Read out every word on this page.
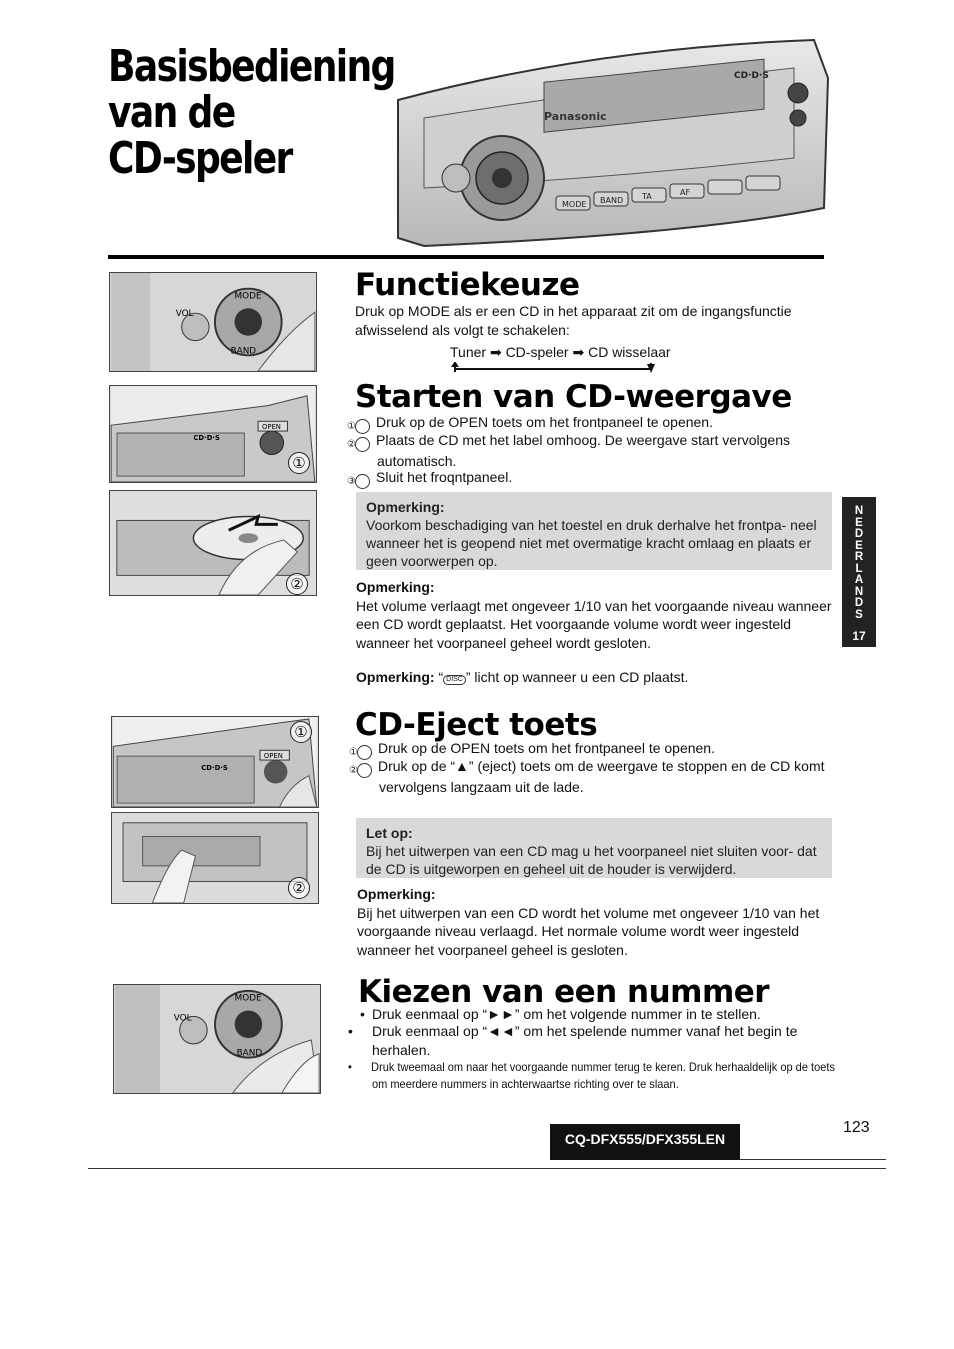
Basisbediening
van de
CD-speler
Panasonic
CD·D·S
MODE BAND TA	AF
MODE
VOL
BAND
OPEN
CD·D·S
①
②
OPEN
CD·D·S
①
②
MODE
VOL
BAND
Functiekeuze
Druk op MODE als er een CD in het apparaat zit om de ingangsfunctie
afwisselend als volgt te schakelen:
Tuner ➡ CD-speler ➡ CD wisselaar
Starten van CD-weergave
① Druk op de OPEN toets om het frontpaneel te openen.
② Plaats de CD met het label omhoog. De weergave start vervolgens automatisch.
③ Sluit het froqntpaneel.
Opmerking:
Voorkom beschadiging van het toestel en druk derhalve het frontpa- neel wanneer het is geopend niet met overmatige kracht omlaag en plaats er geen voorwerpen op.
Opmerking:
Het volume verlaagt met ongeveer 1/10 van het voorgaande niveau wanneer een CD wordt geplaatst. Het voorgaande volume wordt weer ingesteld wanneer het voorpaneel geheel wordt gesloten.
Opmerking: “ DISC ” licht op wanneer u een CD plaatst.
N
E
D
E
R
L
A
N
D
S
17
CD-Eject toets
① Druk op de OPEN toets om het frontpaneel te openen.
② Druk op de “▲” (eject) toets om de weergave te stoppen en de CD komt vervolgens langzaam uit de lade.
Let op:
Bij het uitwerpen van een CD mag u het voorpaneel niet sluiten voor- dat de CD is uitgeworpen en geheel uit de houder is verwijderd.
Opmerking:
Bij het uitwerpen van een CD wordt het volume met ongeveer 1/10 van het voorgaande niveau verlaagd. Het normale volume wordt weer ingesteld wanneer het voorpaneel geheel is gesloten.
Kiezen van een nummer
• Druk eenmaal op “►►” om het volgende nummer in te stellen.
• Druk eenmaal op “◄◄” om het spelende nummer vanaf het begin te herhalen.
• Druk tweemaal om naar het voorgaande nummer terug te keren. Druk herhaaldelijk op de toets om meerdere nummers in achterwaartse richting over te slaan.
123
CQ-DFX555/DFX355LEN
